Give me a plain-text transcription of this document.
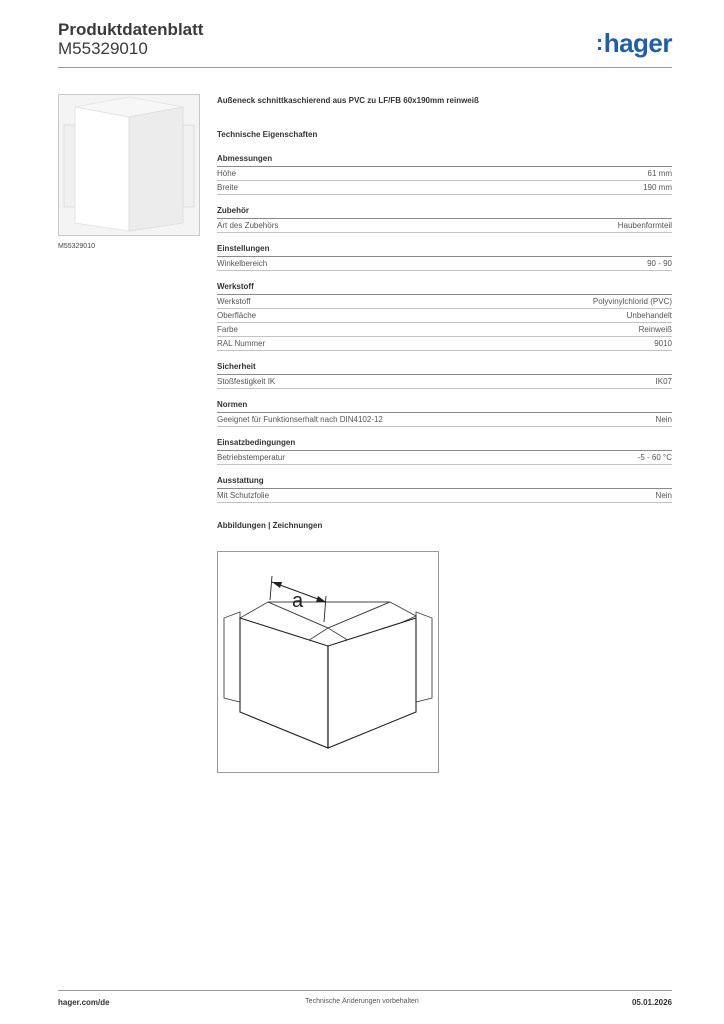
Produktdatenblatt
M55329010	:hager
M55329010
Außeneck schnittkaschierend aus PVC zu LF/FB 60x190mm reinweiß
Technische Eigenschaften
Abmessungen
Höhe	61 mm
Breite	190 mm
Zubehör
Art des Zubehörs	Haubenformteil
Einstellungen
Winkelbereich	90 - 90
Werkstoff
Werkstoff	Polyvinylchlorid (PVC)
Oberfläche	Unbehandelt
Farbe	Reinweiß
RAL Nummer	9010
Sicherheit
Stoßfestigkeit IK	IK07
Normen
Geeignet für Funktionserhalt nach DIN4102-12	Nein
Einsatzbedingungen
Betriebstemperatur	-5 - 60 °C
Ausstattung
Mit Schutzfolie	Nein
Abbildungen | Zeichnungen
a
hager.com/de	Technische Änderungen vorbehalten	05.01.2026
